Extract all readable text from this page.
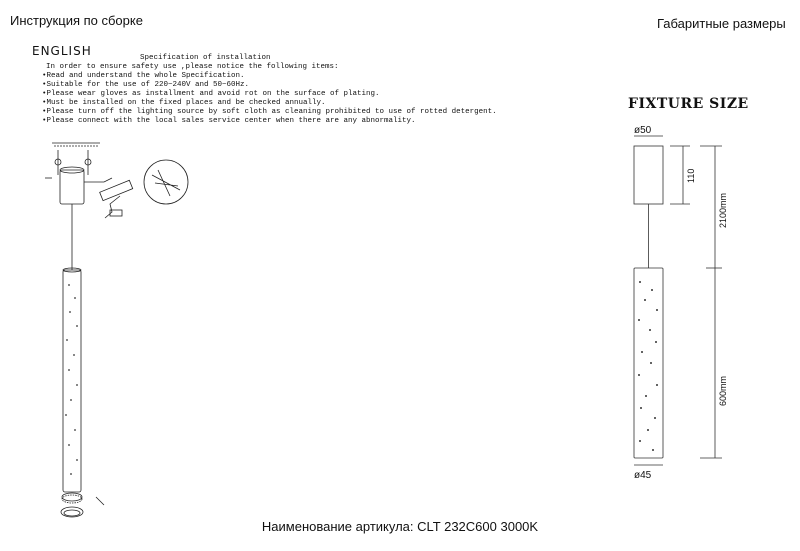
Инструкция по сборке	Габаритные размеры
ENGLISH	Specification of installation
In order to ensure safety use ,please notice the following items:
•Read and understand the whole Specification.
•Suitable for the use of 220~240V and 50~60Hz.
•Please wear gloves as installment and avoid rot on the surface of plating.
•Must be installed on the fixed places and be checked annually.
•Please turn off the lighting source by soft cloth as cleaning prohibited to use of rotted detergent.
•Please connect with the local sales service center when there are any abnormality.
FIXTURE SIZE
ø50
110
2100mm
600mm
ø45
Наименование артикула: CLT 232C600 3000K
